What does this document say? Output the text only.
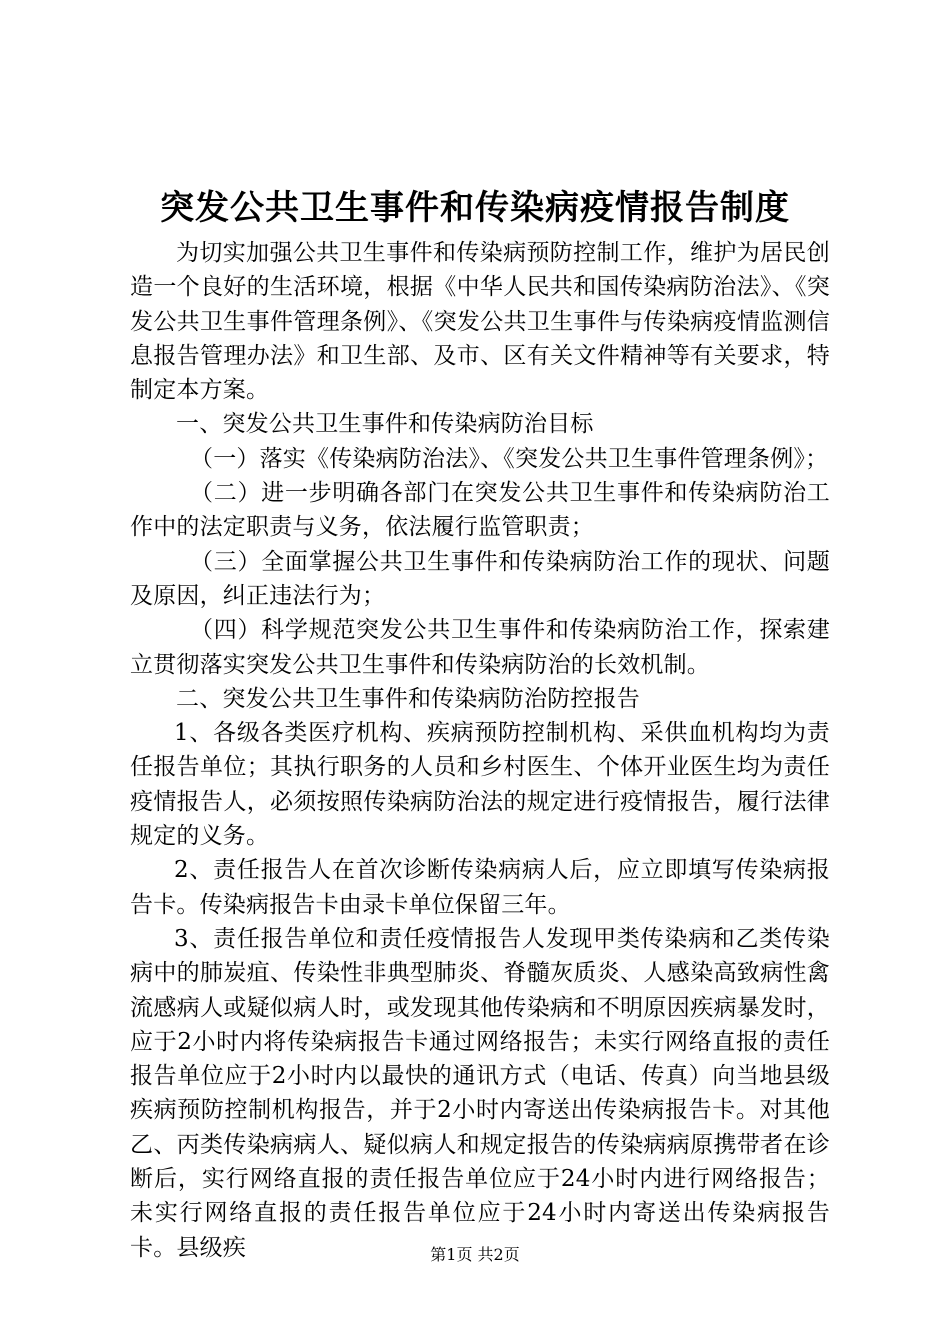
突发公共卫生事件和传染病疫情报告制度

为切实加强公共卫生事件和传染病预防控制工作，维护为居民创造一个良好的生活环境，根据《中华人民共和国传染病防治法》、《突发公共卫生事件管理条例》、《突发公共卫生事件与传染病疫情监测信息报告管理办法》和卫生部、及市、区有关文件精神等有关要求，特制定本方案。

一、突发公共卫生事件和传染病防治目标

（一）落实《传染病防治法》、《突发公共卫生事件管理条例》；

（二）进一步明确各部门在突发公共卫生事件和传染病防治工作中的法定职责与义务，依法履行监管职责；

（三）全面掌握公共卫生事件和传染病防治工作的现状、问题及原因，纠正违法行为；

（四）科学规范突发公共卫生事件和传染病防治工作，探索建立贯彻落实突发公共卫生事件和传染病防治的长效机制。

二、突发公共卫生事件和传染病防治防控报告

1、各级各类医疗机构、疾病预防控制机构、采供血机构均为责任报告单位；其执行职务的人员和乡村医生、个体开业医生均为责任疫情报告人，必须按照传染病防治法的规定进行疫情报告，履行法律规定的义务。

2、责任报告人在首次诊断传染病病人后，应立即填写传染病报告卡。传染病报告卡由录卡单位保留三年。

3、责任报告单位和责任疫情报告人发现甲类传染病和乙类传染病中的肺炭疽、传染性非典型肺炎、脊髓灰质炎、人感染高致病性禽流感病人或疑似病人时，或发现其他传染病和不明原因疾病暴发时，应于2小时内将传染病报告卡通过网络报告；未实行网络直报的责任报告单位应于2小时内以最快的通讯方式（电话、传真）向当地县级疾病预防控制机构报告，并于2小时内寄送出传染病报告卡。对其他乙、丙类传染病病人、疑似病人和规定报告的传染病病原携带者在诊断后，实行网络直报的责任报告单位应于24小时内进行网络报告；未实行网络直报的责任报告单位应于24小时内寄送出传染病报告卡。县级疾	第1页 共2页
